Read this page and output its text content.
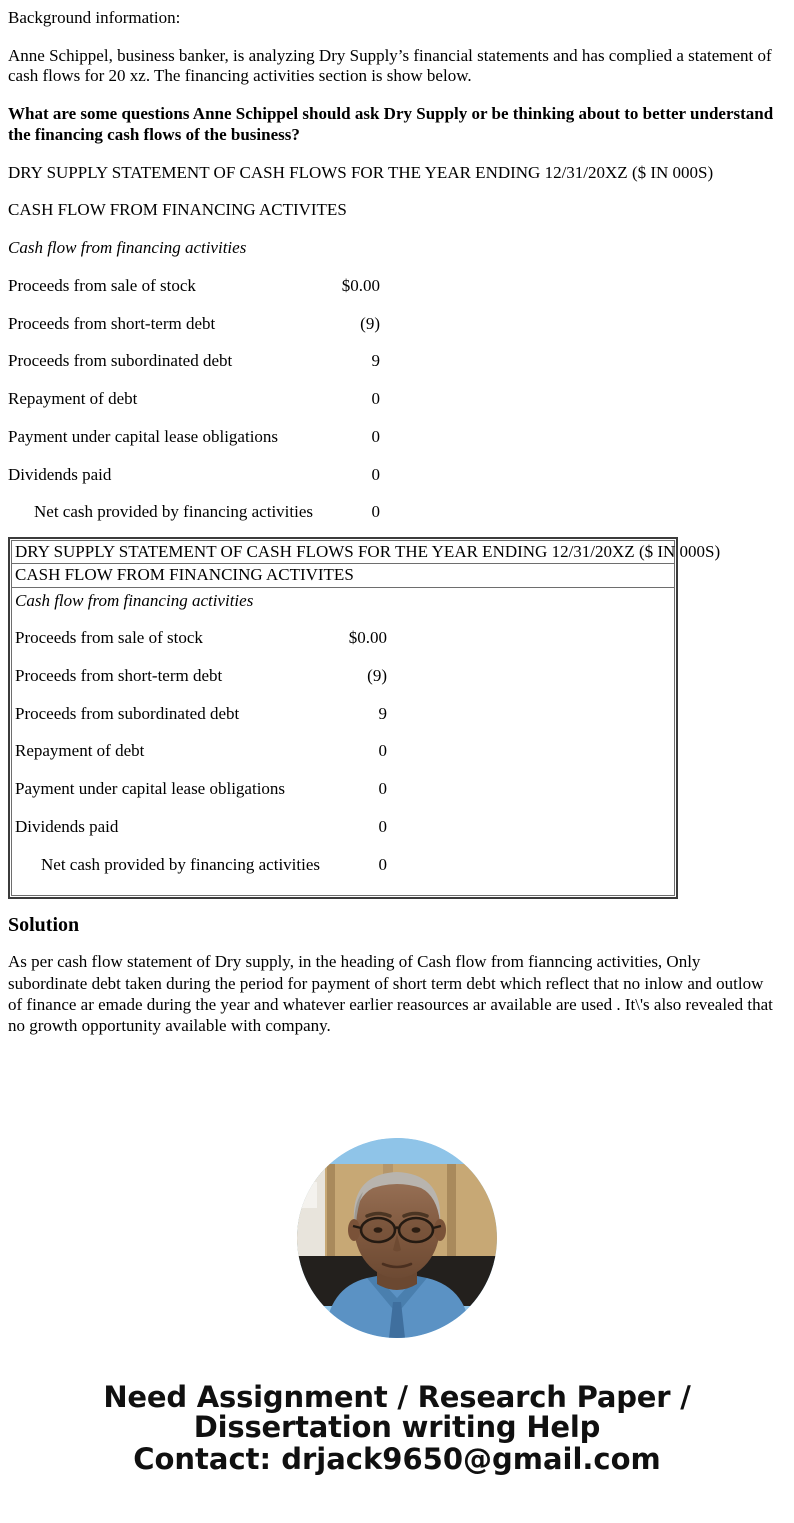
Background information:

Anne Schippel, business banker, is analyzing Dry Supply’s financial statements and has complied a statement of cash flows for 20 xz. The financing activities section is show below.

What are some questions Anne Schippel should ask Dry Supply or be thinking about to better understand the financing cash flows of the business?

DRY SUPPLY STATEMENT OF CASH FLOWS FOR THE YEAR ENDING 12/31/20XZ ($ IN 000S)

CASH FLOW FROM FINANCING ACTIVITES

Cash flow from financing activities

Proceeds from sale of stock	$0.00
Proceeds from short-term debt	(9)
Proceeds from subordinated debt	9
Repayment of debt	0
Payment under capital lease obligations	0
Dividends paid	0
Net cash provided by financing activities	0
DRY SUPPLY STATEMENT OF CASH FLOWS FOR THE YEAR ENDING 12/31/20XZ ($ IN 000S)
CASH FLOW FROM FINANCING ACTIVITES
Cash flow from financing activities
Proceeds from sale of stock	$0.00
Proceeds from short-term debt	(9)
Proceeds from subordinated debt	9
Repayment of debt	0
Payment under capital lease obligations	0
Dividends paid	0
Net cash provided by financing activities	0
Solution

As per cash flow statement of Dry supply, in the heading of Cash flow from fianncing activities, Only subordinate debt taken during the period for payment of short term debt which reflect that no inlow and outlow of finance ar emade during the year and whatever earlier reasources ar available are used . It\'s also revealed that no growth opportunity available with company.

Need Assignment / Research Paper / Dissertation writing Help
Contact: drjack9650@gmail.com
